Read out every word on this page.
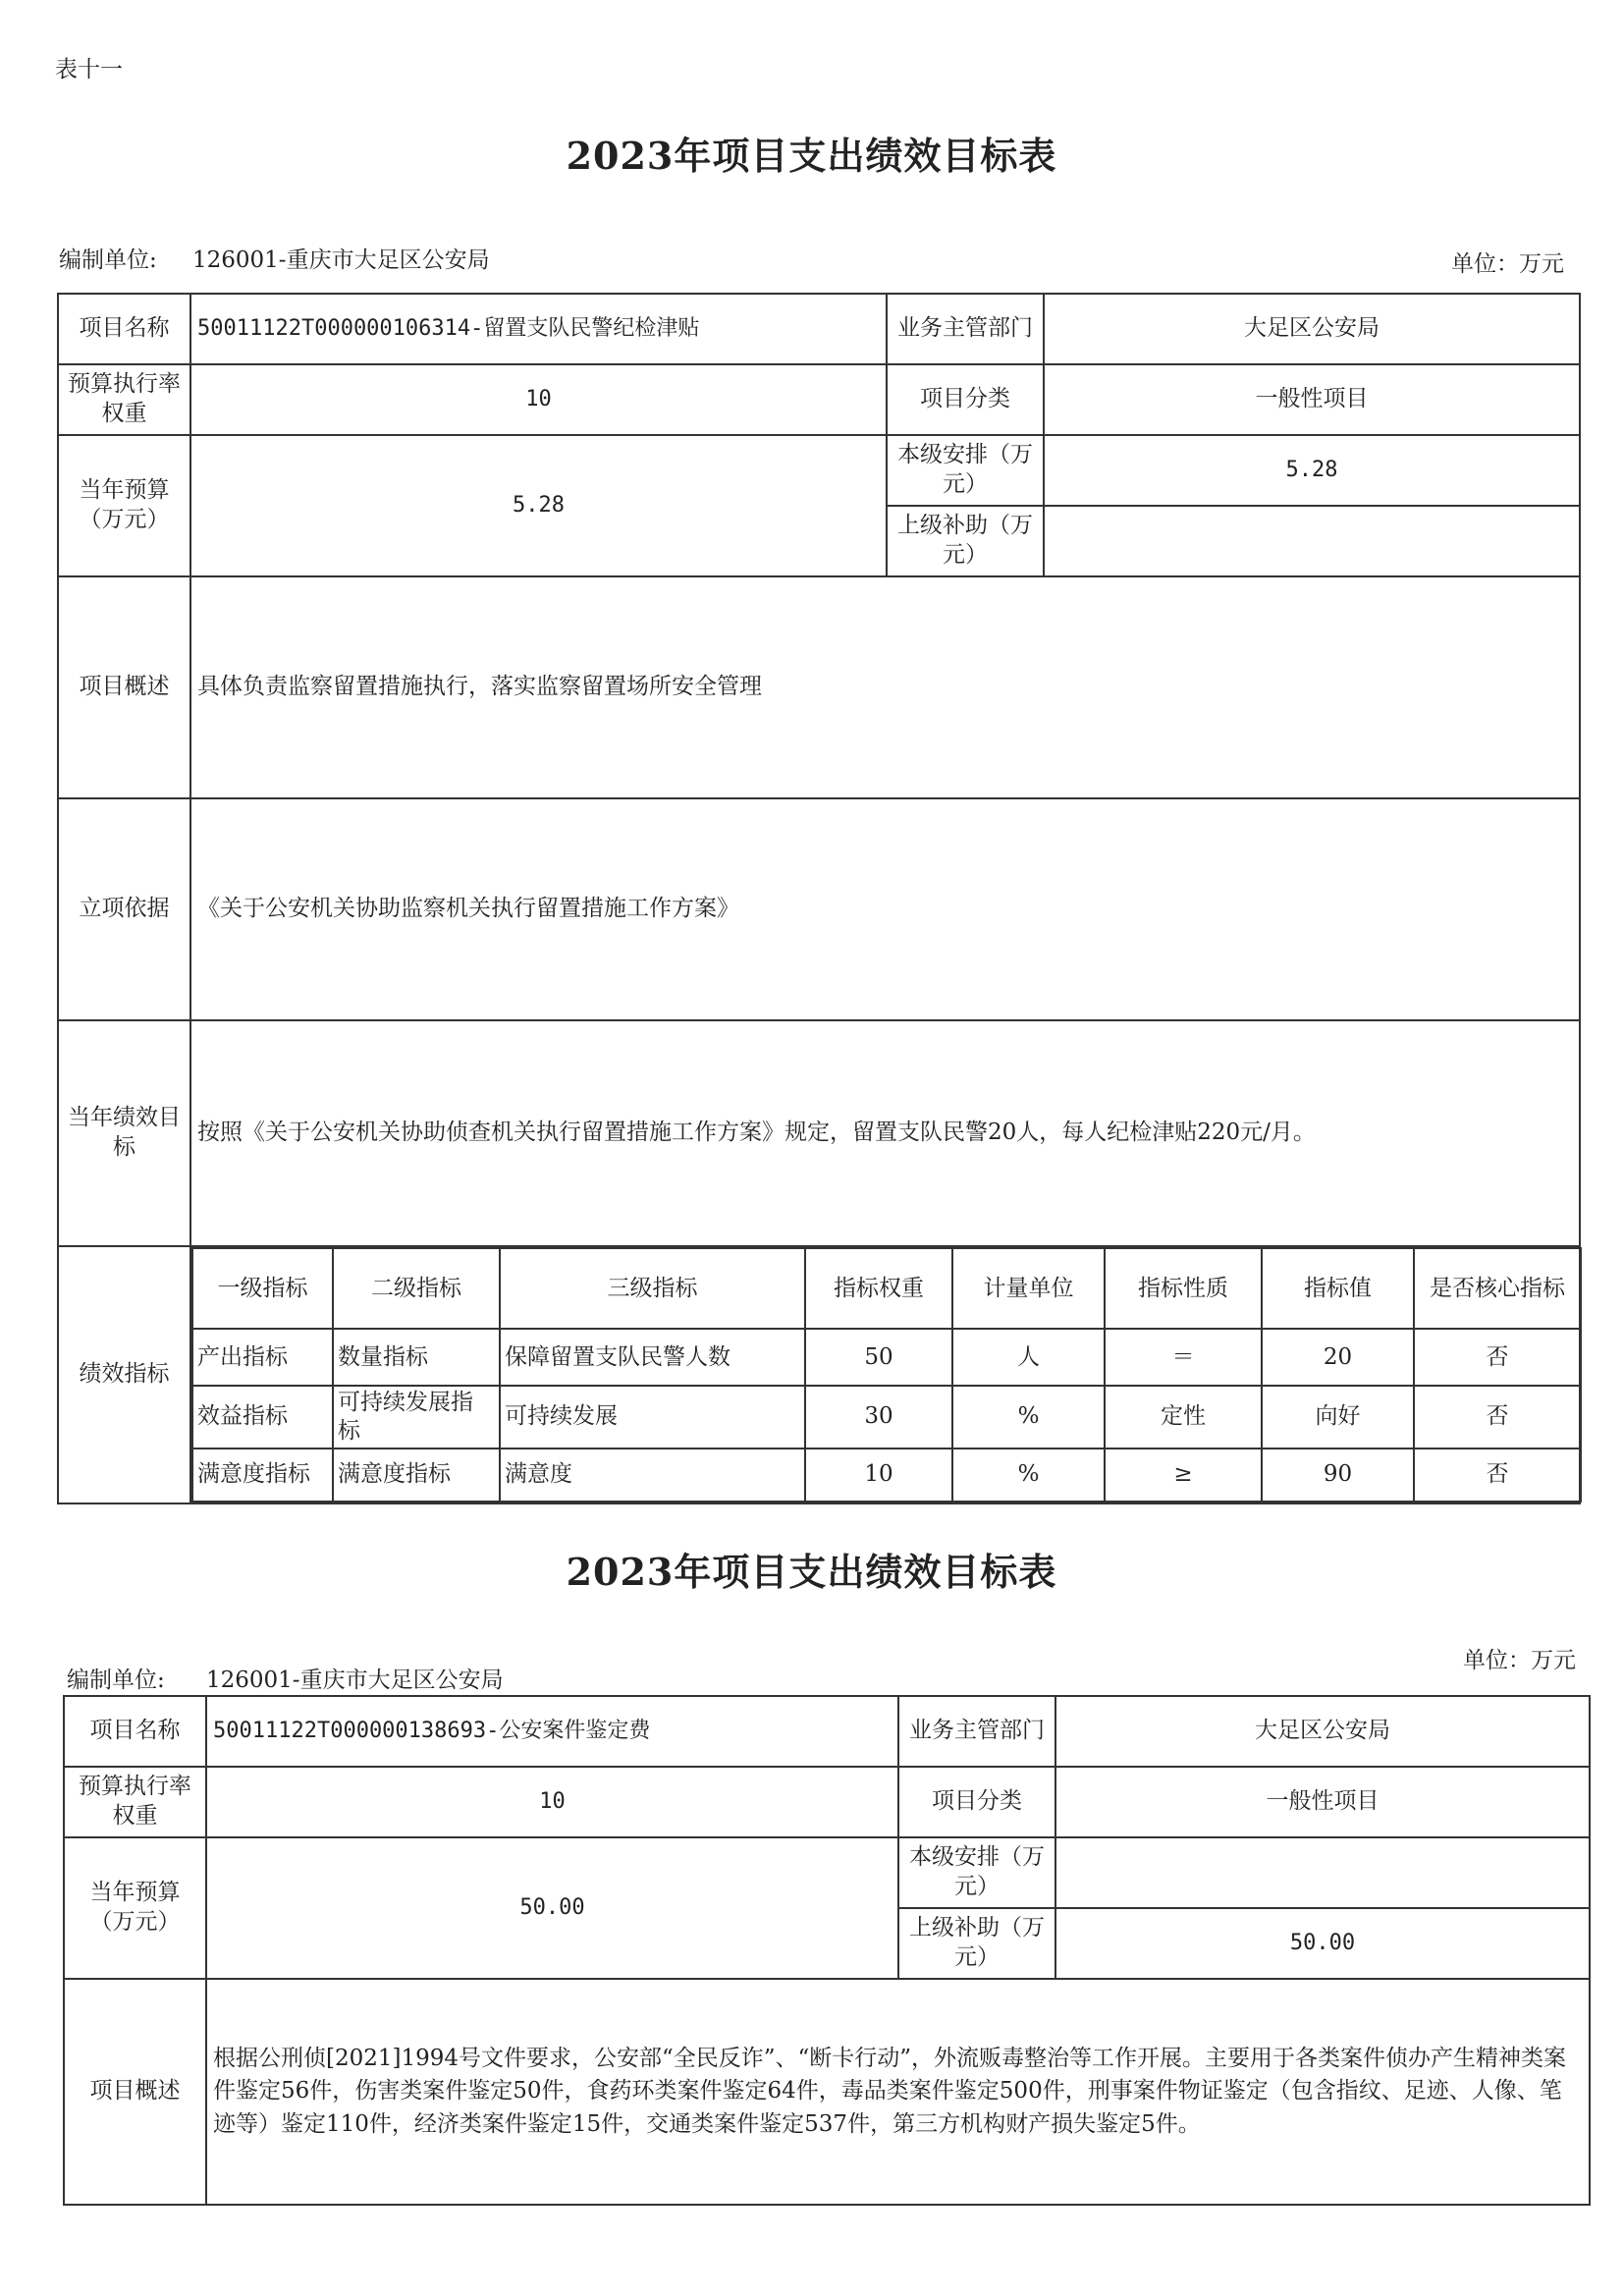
表十一
2023年项目支出绩效目标表
编制单位: 126001-重庆市大足区公安局	单位：万元
项目名称	50011122T000000106314-留置支队民警纪检津贴	业务主管部门	大足区公安局
预算执行率权重	10	项目分类	一般性项目
当年预算（万元）	5.28	本级安排（万元）	5.28
上级补助（万元）	
项目概述	具体负责监察留置措施执行，落实监察留置场所安全管理
立项依据	《关于公安机关协助监察机关执行留置措施工作方案》
当年绩效目标	按照《关于公安机关协助侦查机关执行留置措施工作方案》规定，留置支队民警20人，每人纪检津贴220元/月。
绩效指标	
一级指标	二级指标	三级指标	指标权重	计量单位	指标性质	指标值	是否核心指标
产出指标	数量指标	保障留置支队民警人数	50	人	＝	20	否
效益指标	可持续发展指标	可持续发展	30	%	定性	向好	否
满意度指标	满意度指标	满意度	10	%	≥	90	否
2023年项目支出绩效目标表
编制单位: 126001-重庆市大足区公安局
单位：万元
项目名称	50011122T000000138693-公安案件鉴定费	业务主管部门	大足区公安局
预算执行率权重	10	项目分类	一般性项目
当年预算（万元）	50.00	本级安排（万元）	
		上级补助（万元）	50.00
项目概述	根据公刑侦[2021]1994号文件要求，公安部“全民反诈”、“断卡行动”，外流贩毒整治等工作开展。主要用于各类案件侦办产生精神类案件鉴定56件，伤害类案件鉴定50件，食药环类案件鉴定64件，毒品类案件鉴定500件，刑事案件物证鉴定（包含指纹、足迹、人像、笔迹等）鉴定110件，经济类案件鉴定15件，交通类案件鉴定537件，第三方机构财产损失鉴定5件。		
